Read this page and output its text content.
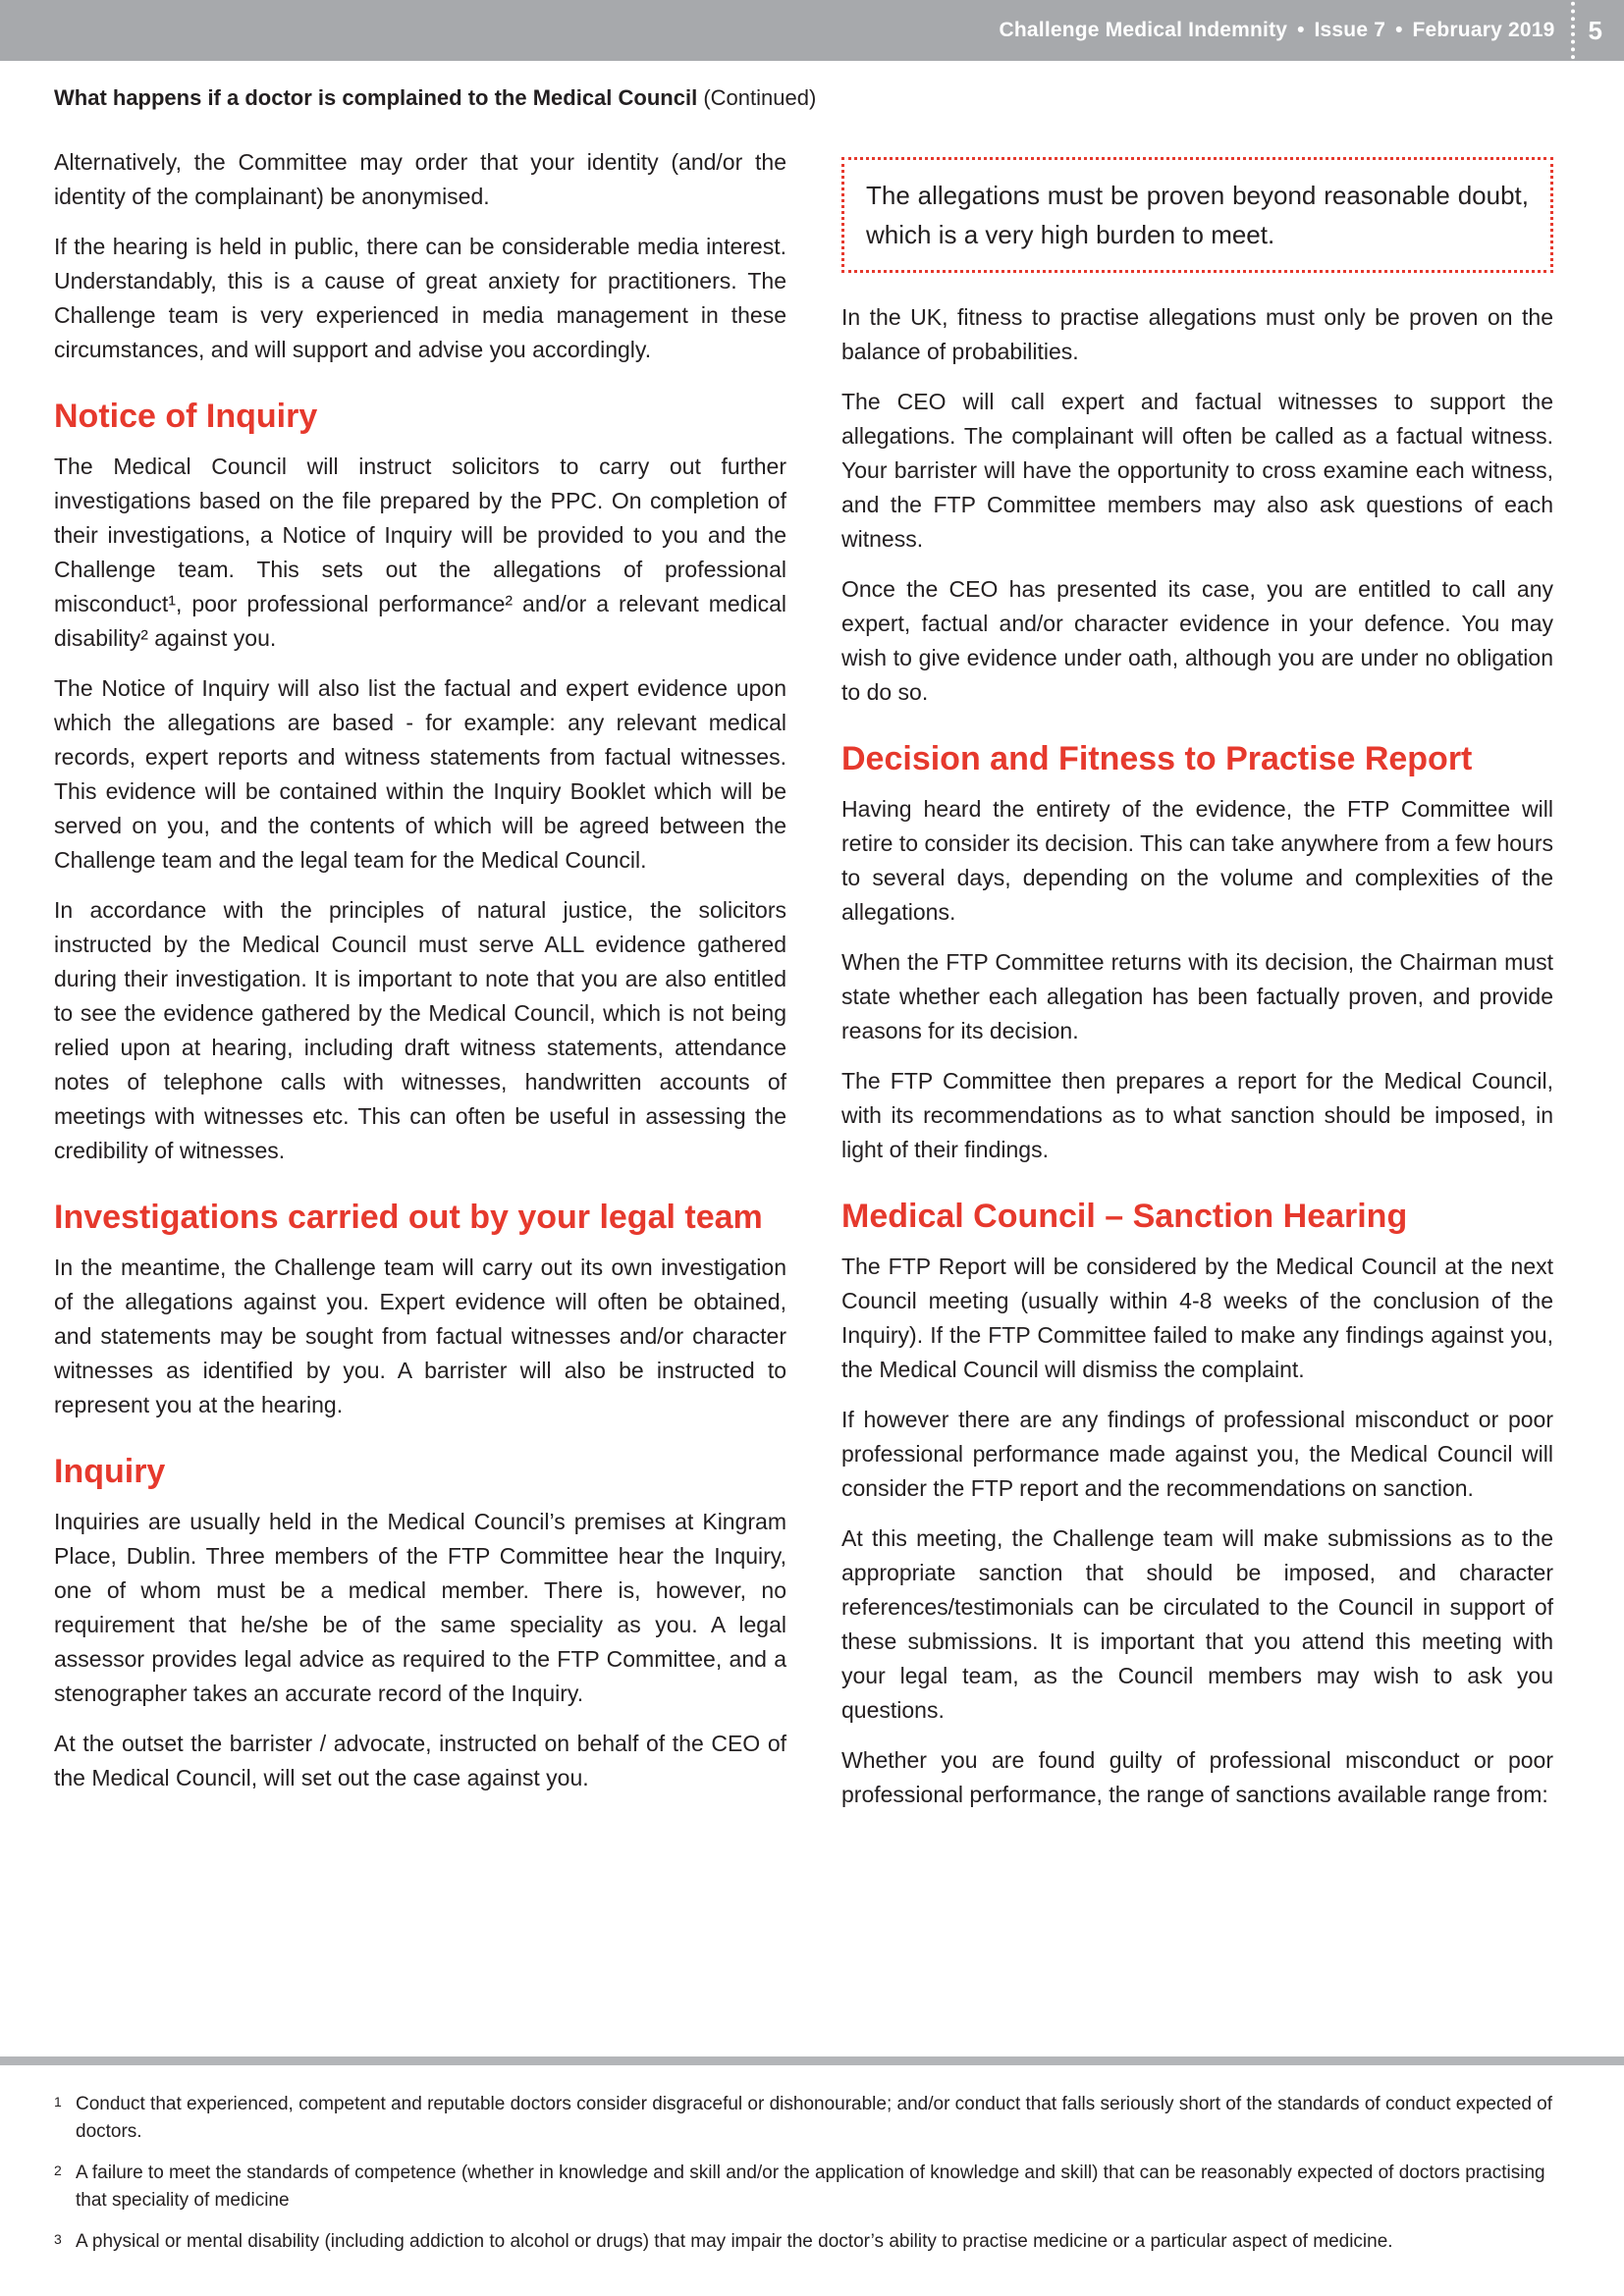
Challenge Medical Indemnity • Issue 7 • February 2019 5
What happens if a doctor is complained to the Medical Council (Continued)

Alternatively, the Committee may order that your identity (and/or the identity of the complainant) be anonymised.

If the hearing is held in public, there can be considerable media interest. Understandably, this is a cause of great anxiety for practitioners. The Challenge team is very experienced in media management in these circumstances, and will support and advise you accordingly.

Notice of Inquiry

The Medical Council will instruct solicitors to carry out further investigations based on the file prepared by the PPC. On completion of their investigations, a Notice of Inquiry will be provided to you and the Challenge team. This sets out the allegations of professional misconduct¹, poor professional performance² and/or a relevant medical disability² against you.

The Notice of Inquiry will also list the factual and expert evidence upon which the allegations are based - for example: any relevant medical records, expert reports and witness statements from factual witnesses. This evidence will be contained within the Inquiry Booklet which will be served on you, and the contents of which will be agreed between the Challenge team and the legal team for the Medical Council.

In accordance with the principles of natural justice, the solicitors instructed by the Medical Council must serve ALL evidence gathered during their investigation. It is important to note that you are also entitled to see the evidence gathered by the Medical Council, which is not being relied upon at hearing, including draft witness statements, attendance notes of telephone calls with witnesses, handwritten accounts of meetings with witnesses etc. This can often be useful in assessing the credibility of witnesses.

Investigations carried out by your legal team

In the meantime, the Challenge team will carry out its own investigation of the allegations against you. Expert evidence will often be obtained, and statements may be sought from factual witnesses and/or character witnesses as identified by you. A barrister will also be instructed to represent you at the hearing.

Inquiry

Inquiries are usually held in the Medical Council’s premises at Kingram Place, Dublin. Three members of the FTP Committee hear the Inquiry, one of whom must be a medical member. There is, however, no requirement that he/she be of the same speciality as you. A legal assessor provides legal advice as required to the FTP Committee, and a stenographer takes an accurate record of the Inquiry.

At the outset the barrister / advocate, instructed on behalf of the CEO of the Medical Council, will set out the case against you.

The allegations must be proven beyond reasonable doubt, which is a very high burden to meet.

In the UK, fitness to practise allegations must only be proven on the balance of probabilities.

The CEO will call expert and factual witnesses to support the allegations. The complainant will often be called as a factual witness. Your barrister will have the opportunity to cross examine each witness, and the FTP Committee members may also ask questions of each witness.

Once the CEO has presented its case, you are entitled to call any expert, factual and/or character evidence in your defence. You may wish to give evidence under oath, although you are under no obligation to do so.

Decision and Fitness to Practise Report

Having heard the entirety of the evidence, the FTP Committee will retire to consider its decision. This can take anywhere from a few hours to several days, depending on the volume and complexities of the allegations.

When the FTP Committee returns with its decision, the Chairman must state whether each allegation has been factually proven, and provide reasons for its decision.

The FTP Committee then prepares a report for the Medical Council, with its recommendations as to what sanction should be imposed, in light of their findings.

Medical Council – Sanction Hearing

The FTP Report will be considered by the Medical Council at the next Council meeting (usually within 4-8 weeks of the conclusion of the Inquiry). If the FTP Committee failed to make any findings against you, the Medical Council will dismiss the complaint.

If however there are any findings of professional misconduct or poor professional performance made against you, the Medical Council will consider the FTP report and the recommendations on sanction.

At this meeting, the Challenge team will make submissions as to the appropriate sanction that should be imposed, and character references/testimonials can be circulated to the Council in support of these submissions. It is important that you attend this meeting with your legal team, as the Council members may wish to ask you questions.

Whether you are found guilty of professional misconduct or poor professional performance, the range of sanctions available range from:

1 Conduct that experienced, competent and reputable doctors consider disgraceful or dishonourable; and/or conduct that falls seriously short of the standards of conduct expected of doctors.

2 A failure to meet the standards of competence (whether in knowledge and skill and/or the application of knowledge and skill) that can be reasonably expected of doctors practising that speciality of medicine

3 A physical or mental disability (including addiction to alcohol or drugs) that may impair the doctor’s ability to practise medicine or a particular aspect of medicine.
